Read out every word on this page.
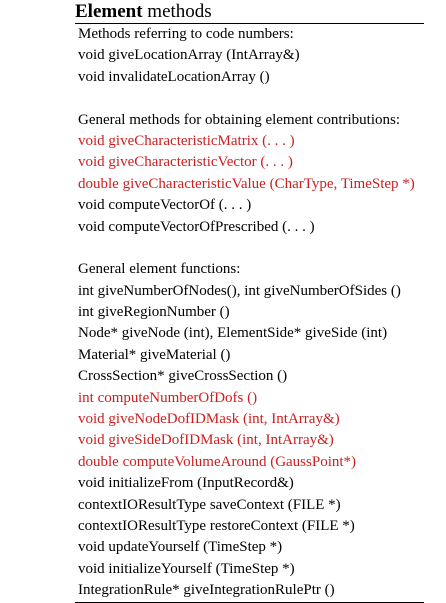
Element methods
Methods referring to code numbers:
void giveLocationArray (IntArray&)
void invalidateLocationArray ()
General methods for obtaining element contributions:
void giveCharacteristicMatrix (. . . )
void giveCharacteristicVector (. . . )
double giveCharacteristicValue (CharType, TimeStep *)
void computeVectorOf (. . . )
void computeVectorOfPrescribed (. . . )
General element functions:
int giveNumberOfNodes(), int giveNumberOfSides ()
int giveRegionNumber ()
Node* giveNode (int), ElementSide* giveSide (int)
Material* giveMaterial ()
CrossSection* giveCrossSection ()
int computeNumberOfDofs ()
void giveNodeDofIDMask (int, IntArray&)
void giveSideDofIDMask (int, IntArray&)
double computeVolumeAround (GaussPoint*)
void initializeFrom (InputRecord&)
contextIOResultType saveContext (FILE *)
contextIOResultType restoreContext (FILE *)
void updateYourself (TimeStep *)
void initializeYourself (TimeStep *)
IntegrationRule* giveIntegrationRulePtr ()
